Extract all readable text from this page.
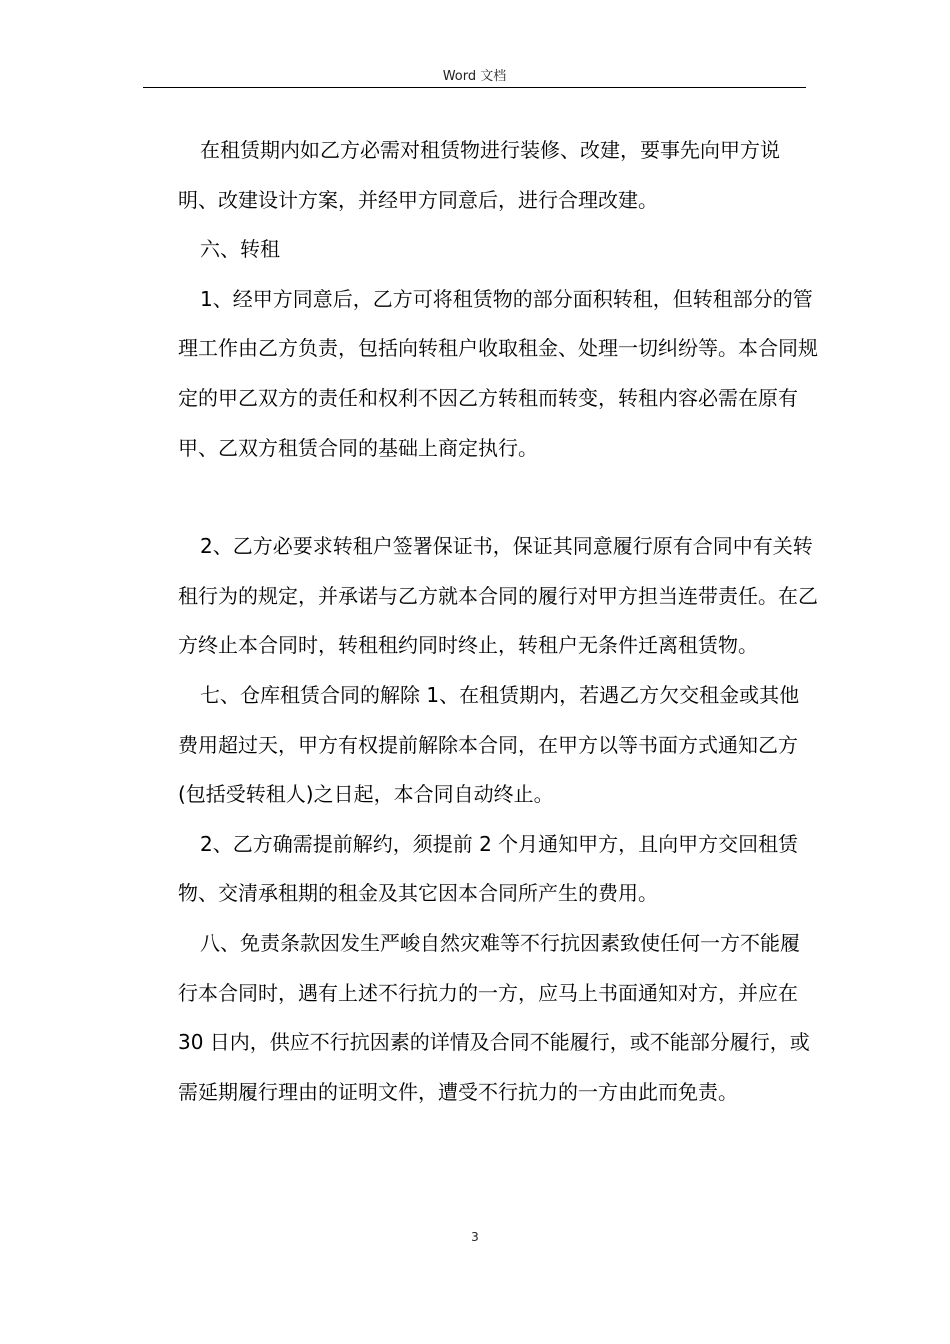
Word 文档

在租赁期内如乙方必需对租赁物进行装修、改建，要事先向甲方说明、改建设计方案，并经甲方同意后，进行合理改建。

六、转租

1、经甲方同意后，乙方可将租赁物的部分面积转租，但转租部分的管理工作由乙方负责，包括向转租户收取租金、处理一切纠纷等。本合同规定的甲乙双方的责任和权利不因乙方转租而转变，转租内容必需在原有甲、乙双方租赁合同的基础上商定执行。

2、乙方必要求转租户签署保证书，保证其同意履行原有合同中有关转租行为的规定，并承诺与乙方就本合同的履行对甲方担当连带责任。在乙方终止本合同时，转租租约同时终止，转租户无条件迁离租赁物。

七、仓库租赁合同的解除 1、在租赁期内，若遇乙方欠交租金或其他费用超过天，甲方有权提前解除本合同，在甲方以等书面方式通知乙方(包括受转租人)之日起，本合同自动终止。

2、乙方确需提前解约，须提前 2 个月通知甲方，且向甲方交回租赁物、交清承租期的租金及其它因本合同所产生的费用。

八、免责条款因发生严峻自然灾难等不行抗因素致使任何一方不能履行本合同时，遇有上述不行抗力的一方，应马上书面通知对方，并应在 30 日内，供应不行抗因素的详情及合同不能履行，或不能部分履行，或需延期履行理由的证明文件，遭受不行抗力的一方由此而免责。

3
